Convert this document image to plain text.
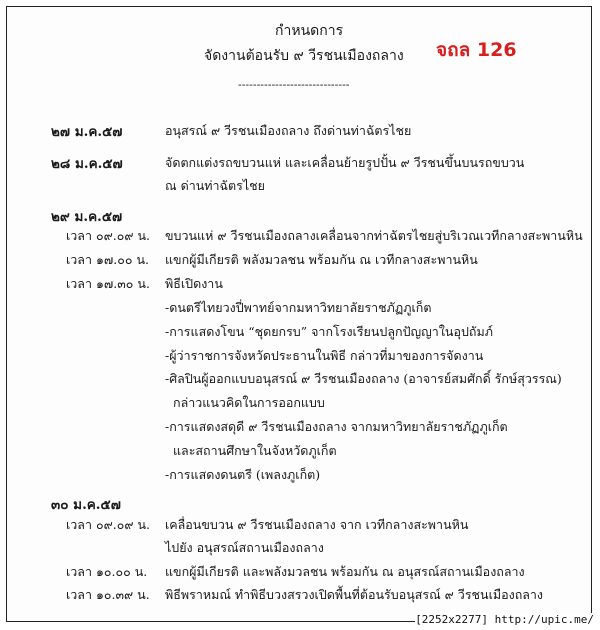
กำหนดการ
จัดงานต้อนรับ ๙ วีรชนเมืองถลาง จถล 126
------------------------------
๒๗ ม.ค.๕๗	อนุสรณ์ ๙ วีรชนเมืองถลาง ถึงด่านท่าฉัตรไชย
๒๘ ม.ค.๕๗	จัดตกแต่งรถขบวนแห่ และเคลื่อนย้ายรูปปั้น ๙ วีรชนขึ้นบนรถขบวน
ณ ด่านท่าฉัตรไชย
๒๙ ม.ค.๕๗
เวลา ๐๙.๐๙ น. ขบวนแห่ ๙ วีรชนเมืองถลางเคลื่อนจากท่าฉัตรไชยสู่บริเวณเวทีกลางสะพานหิน
เวลา ๑๗.๐๐ น. แขกผู้มีเกียรติ พลังมวลชน พร้อมกัน ณ เวทีกลางสะพานหิน
เวลา ๑๗.๓๐ น. พิธีเปิดงาน
-ดนตรีไทยวงปี่พาทย์จากมหาวิทยาลัยราชภัฏภูเก็ต
-การแสดงโขน “ชุดยกรบ” จากโรงเรียนปลูกปัญญาในอุปถัมภ์
-ผู้ว่าราชการจังหวัดประธานในพิธี กล่าวที่มาของการจัดงาน
-ศิลปินผู้ออกแบบอนุสรณ์ ๙ วีรชนเมืองถลาง (อาจารย์สมศักดิ์ รักษ์สุวรรณ)
กล่าวแนวคิดในการออกแบบ
-การแสดงสดุดี ๙ วีรชนเมืองถลาง จากมหาวิทยาลัยราชภัฏภูเก็ต
และสถานศึกษาในจังหวัดภูเก็ต
-การแสดงดนตรี (เพลงภูเก็ต)
๓๐ ม.ค.๕๗
เวลา ๐๙.๐๙ น. เคลื่อนขบวน ๙ วีรชนเมืองถลาง จาก เวทีกลางสะพานหิน
ไปยัง อนุสรณ์สถานเมืองถลาง
เวลา ๑๐.๐๐ น. แขกผู้มีเกียรติ และพลังมวลชน พร้อมกัน ณ อนุสรณ์สถานเมืองถลาง
เวลา ๑๐.๓๙ น. พิธีพราหมณ์ ทำพิธีบวงสรวงเปิดพื้นที่ต้อนรับอนุสรณ์ ๙ วีรชนเมืองถลาง
[2252x2277] http://upic.me/
